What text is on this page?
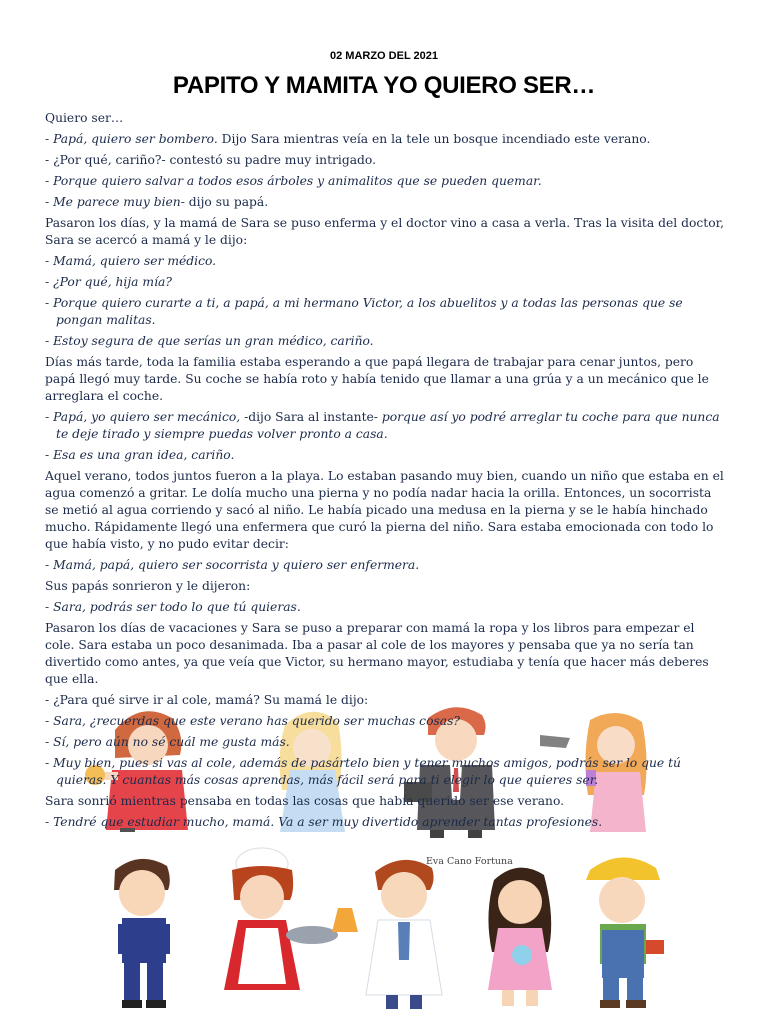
02 MARZO DEL 2021
PAPITO Y MAMITA YO QUIERO SER…

Quiero ser…

- Papá, quiero ser bombero. Dijo Sara mientras veía en la tele un bosque incendiado este verano.

- ¿Por qué, cariño?- contestó su padre muy intrigado.

- Porque quiero salvar a todos esos árboles y animalitos que se pueden quemar.

- Me parece muy bien- dijo su papá.

Pasaron los días, y la mamá de Sara se puso enferma y el doctor vino a casa a verla. Tras la visita del doctor, Sara se acercó a mamá y le dijo:

- Mamá, quiero ser médico.

- ¿Por qué, hija mía?

- Porque quiero curarte a ti, a papá, a mi hermano Victor, a los abuelitos y a todas las personas que se pongan malitas.

- Estoy segura de que serías un gran médico, cariño.

Días más tarde, toda la familia estaba esperando a que papá llegara de trabajar para cenar juntos, pero papá llegó muy tarde. Su coche se había roto y había tenido que llamar a una grúa y a un mecánico que le arreglara el coche.

- Papá, yo quiero ser mecánico, -dijo Sara al instante- porque así yo podré arreglar tu coche para que nunca te deje tirado y siempre puedas volver pronto a casa.

- Esa es una gran idea, cariño.

Aquel verano, todos juntos fueron a la playa. Lo estaban pasando muy bien, cuando un niño que estaba en el agua comenzó a gritar. Le dolía mucho una pierna y no podía nadar hacia la orilla. Entonces, un socorrista se metió al agua corriendo y sacó al niño. Le había picado una medusa en la pierna y se le había hinchado mucho. Rápidamente llegó una enfermera que curó la pierna del niño. Sara estaba emocionada con todo lo que había visto, y no pudo evitar decir:

- Mamá, papá, quiero ser socorrista y quiero ser enfermera.

Sus papás sonrieron y le dijeron:

- Sara, podrás ser todo lo que tú quieras.

Pasaron los días de vacaciones y Sara se puso a preparar con mamá la ropa y los libros para empezar el cole. Sara estaba un poco desanimada. Iba a pasar al cole de los mayores y pensaba que ya no sería tan divertido como antes, ya que veía que Victor, su hermano mayor, estudiaba y tenía que hacer más deberes que ella.

- ¿Para qué sirve ir al cole, mamá? Su mamá le dijo:

- Sara, ¿recuerdas que este verano has querido ser muchas cosas?

- Sí, pero aún no sé cuál me gusta más.

- Muy bien, pues si vas al cole, además de pasártelo bien y tener muchos amigos, podrás ser lo que tú quieras. Y cuantas más cosas aprendas, más fácil será para ti elegir lo que quieres ser.

Sara sonrió mientras pensaba en todas las cosas que había querido ser ese verano.

- Tendré que estudiar mucho, mamá. Va a ser muy divertido aprender tantas profesiones.

Eva Cano Fortuna
